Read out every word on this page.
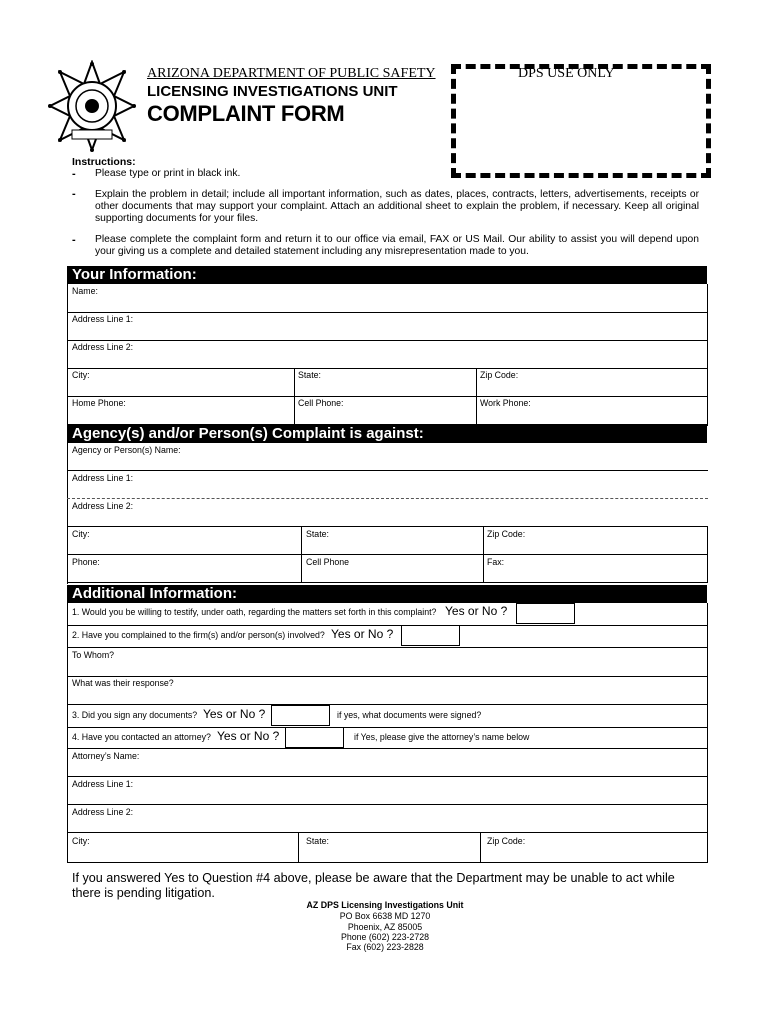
ARIZONA DEPARTMENT OF PUBLIC SAFETY
LICENSING INVESTIGATIONS UNIT
COMPLAINT FORM
DPS USE ONLY
Instructions:
- Please type or print in black ink.
- Explain the problem in detail; include all important information, such as dates, places, contracts, letters, advertisements, receipts or other documents that may support your complaint. Attach an additional sheet to explain the problem, if necessary. Keep all original supporting documents for your files.
- Please complete the complaint form and return it to our office via email, FAX or US Mail. Our ability to assist you will depend upon your giving us a complete and detailed statement including any misrepresentation made to you.
Your Information:
Name:
Address Line 1:
Address Line 2:
City:	State:	Zip Code:
Home Phone:	Cell Phone:	Work Phone:
Agency(s) and/or Person(s) Complaint is against:
Agency or Person(s) Name:
Address Line 1:
Address Line 2:
City:	State:	Zip Code:
Phone:	Cell Phone	Fax:
Additional Information:
1. Would you be willing to testify, under oath, regarding the matters set forth in this complaint? Yes or No ?
2. Have you complained to the firm(s) and/or person(s) involved? Yes or No ?
To Whom?
What was their response?
3. Did you sign any documents? Yes or No ?	if yes, what documents were signed?
4. Have you contacted an attorney? Yes or No ?	if Yes, please give the attorney’s name below
Attorney’s Name:
Address Line 1:
Address Line 2:
City:	State:	Zip Code:
If you answered Yes to Question #4 above, please be aware that the Department may be unable to act while there is pending litigation.
AZ DPS Licensing Investigations Unit
PO Box 6638 MD 1270
Phoenix, AZ 85005
Phone (602) 223-2728
Fax (602) 223-2828
